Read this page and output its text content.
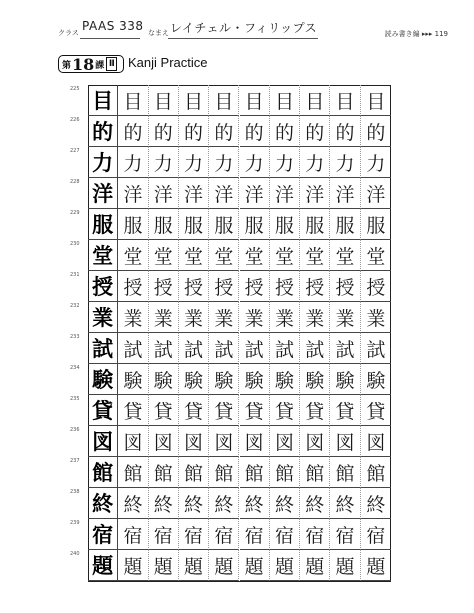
クラス PAAS 338 なまえ レイチェル・フィリップス	読み書き編 ▸▸▸ 119
第 18 課 Ⅱ Kanji Practice
225 目 目 目 目 目 目 目 目 目 目
226 的 的 的 的 的 的 的 的 的 的
227 力 力 力 力 力 力 力 力 力 力
228 洋 洋 洋 洋 洋 洋 洋 洋 洋 洋
229 服 服 服 服 服 服 服 服 服 服
230 堂 堂 堂 堂 堂 堂 堂 堂 堂 堂
231 授 授 授 授 授 授 授 授 授 授
232 業 業 業 業 業 業 業 業 業 業
233 試 試 試 試 試 試 試 試 試 試
234 験 験 験 験 験 験 験 験 験 験
235 貸 貸 貸 貸 貸 貸 貸 貸 貸 貸
236 図 図 図 図 図 図 図 図 図 図
237 館 館 館 館 館 館 館 館 館 館
238 終 終 終 終 終 終 終 終 終 終
239 宿 宿 宿 宿 宿 宿 宿 宿 宿 宿
240 題 題 題 題 題 題 題 題 題 題
